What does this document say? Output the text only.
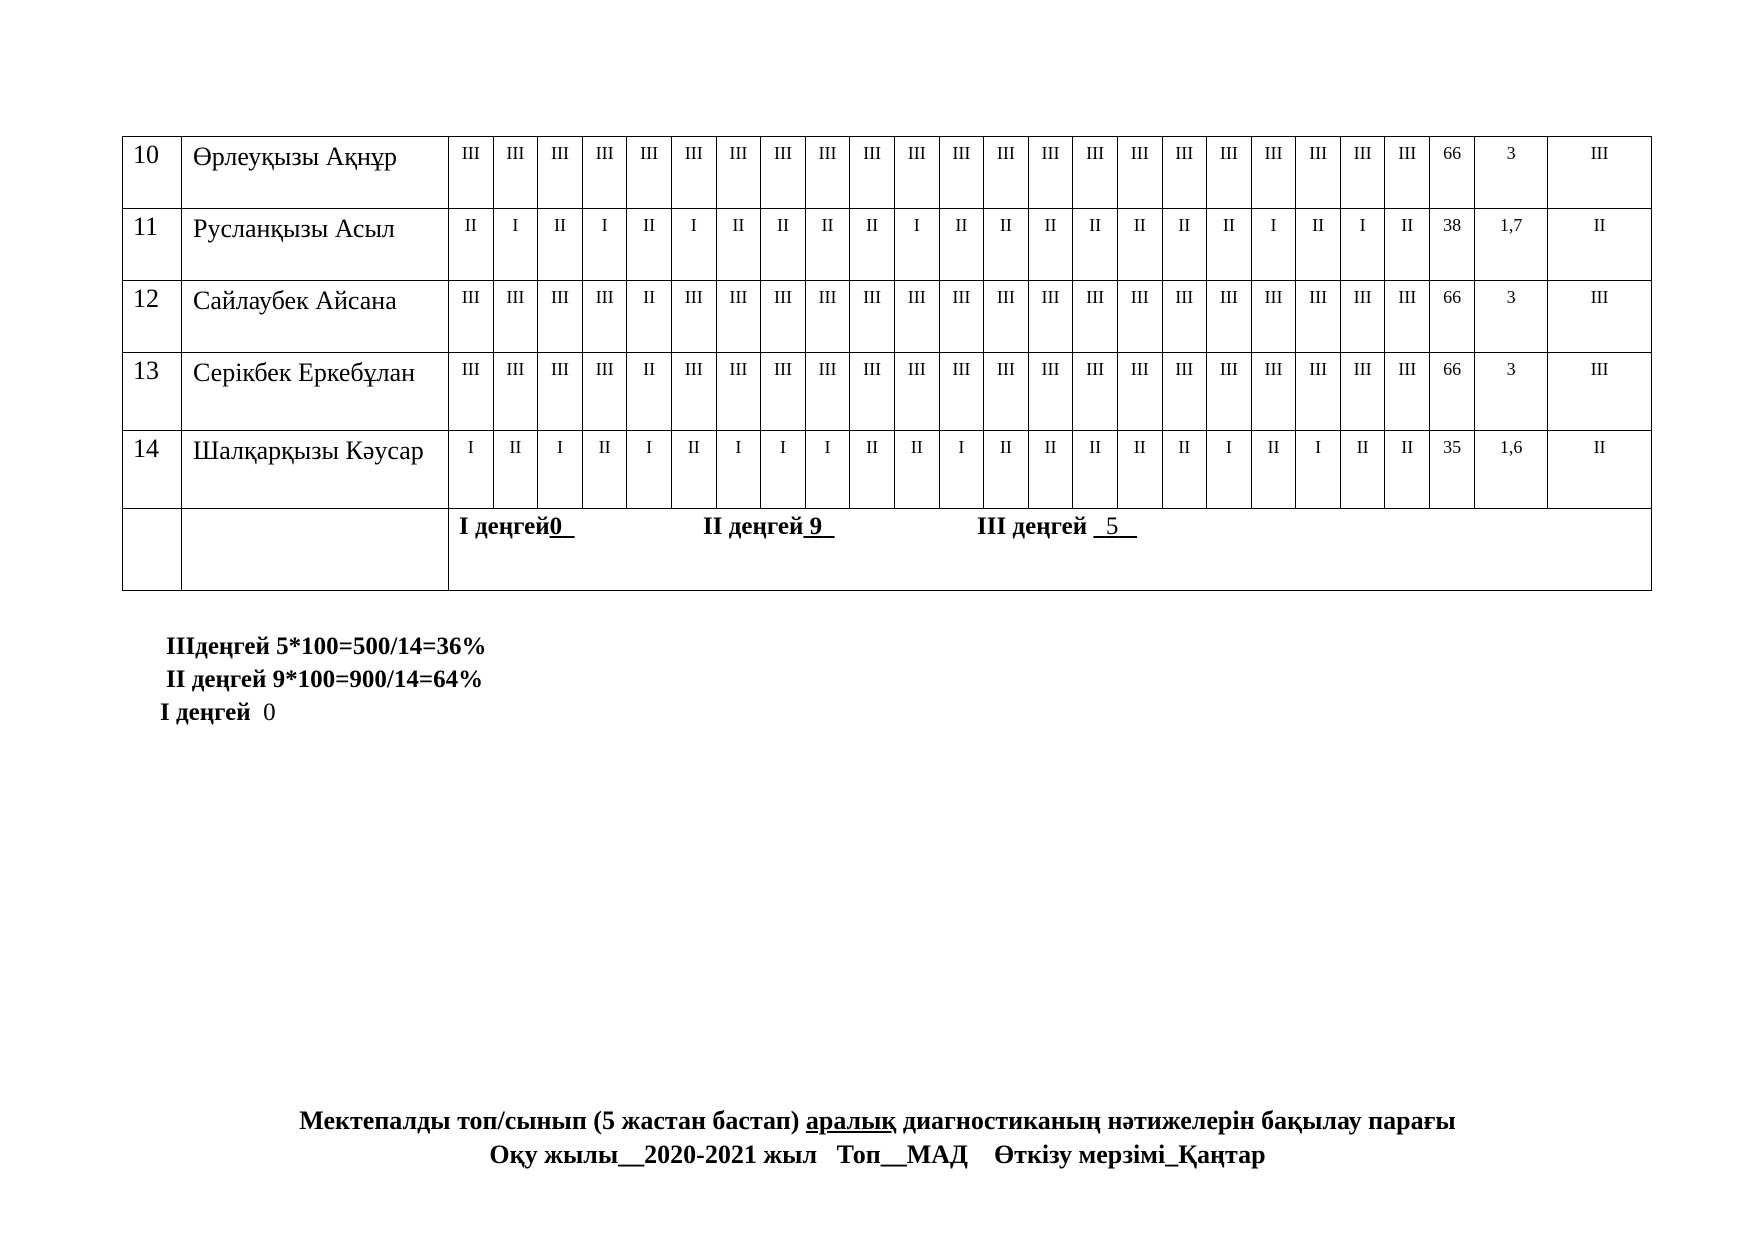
10	Өрлеуқызы Ақнұр	III	III	III	III	III	III	III	III	III	III	III	III	III	III	III	III	III	III	III	III	III	III	66	3	III
11	Русланқызы Асыл	II	I	II	I	II	I	II	II	II	II	I	II	II	II	II	II	II	II	I	II	I	II	38	1,7	II
12	Сайлаубек Айсана	III	III	III	III	II	III	III	III	III	III	III	III	III	III	III	III	III	III	III	III	III	III	66	3	III
13	Серікбек Еркебұлан	III	III	III	III	II	III	III	III	III	III	III	III	III	III	III	III	III	III	III	III	III	III	66	3	III
14	Шалқарқызы Кәусар	I	II	I	II	I	II	I	I	I	II	II	I	II	II	II	II	II	I	II	I	II	II	35	1,6	II
		I деңгей0 II деңгей 9 III деңгей 5																								
IIIдеңгей 5*100=500/14=36%
II деңгей 9*100=900/14=64%
I деңгей 0
Мектепалды топ/сынып (5 жастан бастап) аралық диагностиканың нәтижелерін бақылау парағы
Оқу жылы__2020-2021 жыл Топ__МАД Өткізу мерзімі_Қаңтар
